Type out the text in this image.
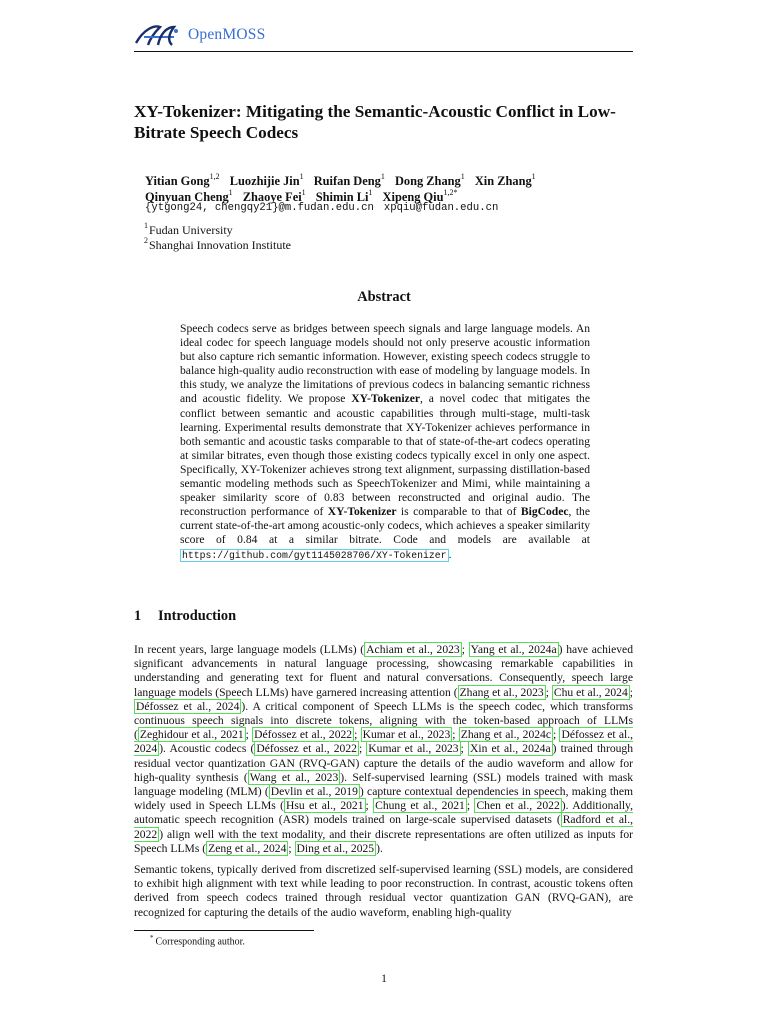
OpenMOSS
XY-Tokenizer: Mitigating the Semantic-Acoustic Conflict in Low-Bitrate Speech Codecs
Yitian Gong$^{1,2}$ Luozhijie Jin$^1$ Ruifan Deng$^1$ Dong Zhang$^1$ Xin Zhang$^1$
Qinyuan Cheng$^1$ Zhaoye Fei$^1$ Shimin Li$^1$ Xipeng Qiu$^{1,2*}$
{ytgong24, chengqy21}@m.fudan.edu.cn xpqiu@fudan.edu.cn
$^1$Fudan University
$^2$Shanghai Innovation Institute
Abstract
Speech codecs serve as bridges between speech signals and large language models. An ideal codec for speech language models should not only preserve acoustic information but also capture rich semantic information. However, existing speech codecs struggle to balance high-quality audio reconstruction with ease of modeling by language models. In this study, we analyze the limitations of previous codecs in balancing semantic richness and acoustic fidelity. We propose XY-Tokenizer, a novel codec that mitigates the conflict between semantic and acoustic capabilities through multi-stage, multi-task learning. Experimental results demonstrate that XY-Tokenizer achieves performance in both semantic and acoustic tasks comparable to that of state-of-the-art codecs operating at similar bitrates, even though those existing codecs typically excel in only one aspect. Specifically, XY-Tokenizer achieves strong text alignment, surpassing distillation-based semantic modeling methods such as SpeechTokenizer and Mimi, while maintaining a speaker similarity score of 0.83 between reconstructed and original audio. The reconstruction performance of XY-Tokenizer is comparable to that of BigCodec, the current state-of-the-art among acoustic-only codecs, which achieves a speaker similarity score of 0.84 at a similar bitrate. Code and models are available at https://github.com/gyt1145028706/XY-Tokenizer .
1 Introduction
In recent years, large language models (LLMs) ( Achiam et al., 2023 ; Yang et al., 2024a ) have achieved significant advancements in natural language processing, showcasing remarkable capabilities in understanding and generating text for fluent and natural conversations. Consequently, speech large language models (Speech LLMs) have garnered increasing attention ( Zhang et al., 2023 ; Chu et al., 2024 ; Défossez et al., 2024 ). A critical component of Speech LLMs is the speech codec, which transforms continuous speech signals into discrete tokens, aligning with the token-based approach of LLMs ( Zeghidour et al., 2021 ; Défossez et al., 2022 ; Kumar et al., 2023 ; Zhang et al., 2024c ; Défossez et al., 2024 ). Acoustic codecs ( Défossez et al., 2022 ; Kumar et al., 2023 ; Xin et al., 2024a ) trained through residual vector quantization GAN (RVQ-GAN) capture the details of the audio waveform and allow for high-quality synthesis ( Wang et al., 2023 ). Self-supervised learning (SSL) models trained with mask language modeling (MLM) ( Devlin et al., 2019 ) capture contextual dependencies in speech, making them widely used in Speech LLMs ( Hsu et al., 2021 ; Chung et al., 2021 ; Chen et al., 2022 ). Additionally, automatic speech recognition (ASR) models trained on large-scale supervised datasets ( Radford et al., 2022 ) align well with the text modality, and their discrete representations are often utilized as inputs for Speech LLMs ( Zeng et al., 2024 ; Ding et al., 2025 ).
Semantic tokens, typically derived from discretized self-supervised learning (SSL) models, are considered to exhibit high alignment with text while leading to poor reconstruction. In contrast, acoustic tokens often derived from speech codecs trained through residual vector quantization GAN (RVQ-GAN), are recognized for capturing the details of the audio waveform, enabling high-quality
* Corresponding author.
1
